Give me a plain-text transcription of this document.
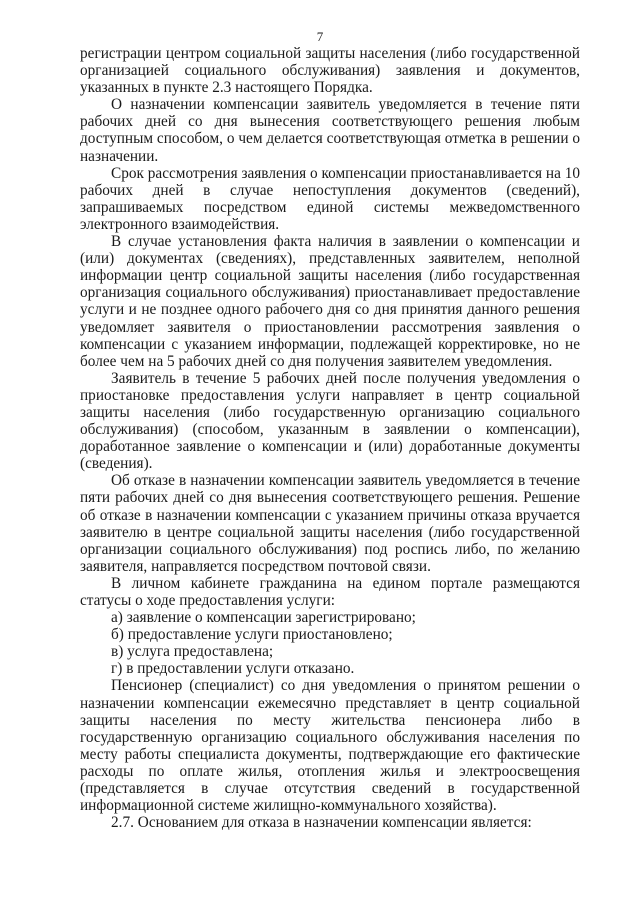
7

регистрации центром социальной защиты населения (либо государственной организацией социального обслуживания) заявления и документов, указанных в пункте 2.3 настоящего Порядка.

О назначении компенсации заявитель уведомляется в течение пяти рабочих дней со дня вынесения соответствующего решения любым доступным способом, о чем делается соответствующая отметка в решении о назначении.

Срок рассмотрения заявления о компенсации приостанавливается на 10 рабочих дней в случае непоступления документов (сведений), запрашиваемых посредством единой системы межведомственного электронного взаимодействия.

В случае установления факта наличия в заявлении о компенсации и (или) документах (сведениях), представленных заявителем, неполной информации центр социальной защиты населения (либо государственная организация социального обслуживания) приостанавливает предоставление услуги и не позднее одного рабочего дня со дня принятия данного решения уведомляет заявителя о приостановлении рассмотрения заявления о компенсации с указанием информации, подлежащей корректировке, но не более чем на 5 рабочих дней со дня получения заявителем уведомления.

Заявитель в течение 5 рабочих дней после получения уведомления о приостановке предоставления услуги направляет в центр социальной защиты населения (либо государственную организацию социального обслуживания) (способом, указанным в заявлении о компенсации), доработанное заявление о компенсации и (или) доработанные документы (сведения).

Об отказе в назначении компенсации заявитель уведомляется в течение пяти рабочих дней со дня вынесения соответствующего решения. Решение об отказе в назначении компенсации с указанием причины отказа вручается заявителю в центре социальной защиты населения (либо государственной организации социального обслуживания) под роспись либо, по желанию заявителя, направляется посредством почтовой связи.

В личном кабинете гражданина на едином портале размещаются статусы о ходе предоставления услуги:

а) заявление о компенсации зарегистрировано;

б) предоставление услуги приостановлено;

в) услуга предоставлена;

г) в предоставлении услуги отказано.

Пенсионер (специалист) со дня уведомления о принятом решении о назначении компенсации ежемесячно представляет в центр социальной защиты населения по месту жительства пенсионера либо в государственную организацию социального обслуживания населения по месту работы специалиста документы, подтверждающие его фактические расходы по оплате жилья, отопления жилья и электроосвещения (представляется в случае отсутствия сведений в государственной информационной системе жилищно-коммунального хозяйства).

2.7. Основанием для отказа в назначении компенсации является:
